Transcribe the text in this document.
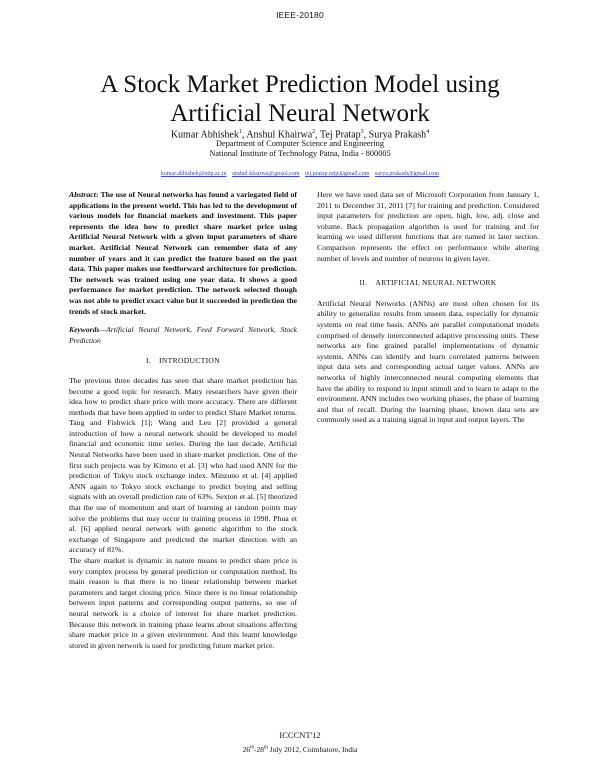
IEEE-20180
A Stock Market Prediction Model using Artificial Neural Network
Kumar Abhishek$^1$, Anshul Khairwa$^2$, Tej Pratap$^3$, Surya Prakash$^4$
Department of Computer Science and Engineering
National Institute of Technology Patna, India - 800005
kumar.abhishek@nitp.ac.in anshul.khairwa@gmail.com tej.pratap.nitp@gmail.com surya.prakash@gmail.com

Abstract: The use of Neural networks has found a variegated field of applications in the present world. This has led to the development of various models for financial markets and investment. This paper represents the idea how to predict share market price using Artificial Neural Network with a given input parameters of share market. Artificial Neural Network can remember data of any number of years and it can predict the feature based on the past data. This paper makes use feedforward architecture for prediction. The network was trained using one year data. It shows a good performance for market prediction. The network selected though was not able to predict exact value but it succeeded in prediction the trends of stock market.

Keywords—Artificial Neural Network, Feed Forward Network, Stock Prediction

I. INTRODUCTION

The previous three decades has seen that share market prediction has become a good topic for research. Many researchers have given their idea how to predict share price with more accuracy. There are different methods that have been applied in order to predict Share Market returns. Tang and Fishwick [1]; Wang and Leu [2] provided a general introduction of how a neural network should be developed to model financial and economic time series. During the last decade, Artificial Neural Networks have been used in share market prediction. One of the first such projects was by Kimoto et al. [3] who had used ANN for the prediction of Tokyo stock exchange index. Minzuno et al. [4] applied ANN again to Tokyo stock exchange to predict buying and selling signals with an overall prediction rate of 63%. Sexton et al. [5] theorized that the use of momentum and start of learning at random points may solve the problems that may occur in training process in 1998. Phua et al. [6] applied neural network with genetic algorithm to the stock exchange of Singapore and predicted the market direction with an accuracy of 81%.

The share market is dynamic in nature means to predict share price is very complex process by general prediction or computation method. Its main reason is that there is no linear relationship between market parameters and target closing price. Since there is no linear relationship between input patterns and corresponding output patterns, so use of neural network is a choice of interest for share market prediction. Because this network in training phase learns about situations affecting share market price in a given environment. And this learnt knowledge stored in given network is used for predicting future market price.

Here we have used data set of Microsoft Corporation from January 1, 2011 to December 31, 2011 [7] for training and prediction. Considered input parameters for prediction are open, high, low, adj. close and volume. Back propagation algorithm is used for training and for learning we used different functions that are named in later section. Comparison represents the effect on performance while altering number of levels and number of neurons in given layer.

II. ARTIFICIAL NEURAL NETWORK

Artificial Neural Networks (ANNs) are most often chosen for its ability to generalize results from unseen data, especially for dynamic systems on real time basis. ANNs are parallel computational models comprised of densely interconnected adaptive processing units. These networks are fine grained parallel implementations of dynamic systems. ANNs can identify and learn correlated patterns between input data sets and corresponding actual target values. ANNs are networks of highly interconnected neural computing elements that have the ability to respond to input stimuli and to learn to adapt to the environment. ANN includes two working phases, the phase of learning and that of recall. During the learning phase, known data sets are commonly used as a training signal in input and output layers. The

ICCCNT'12
26th-28th July 2012, Coimbatore, India
